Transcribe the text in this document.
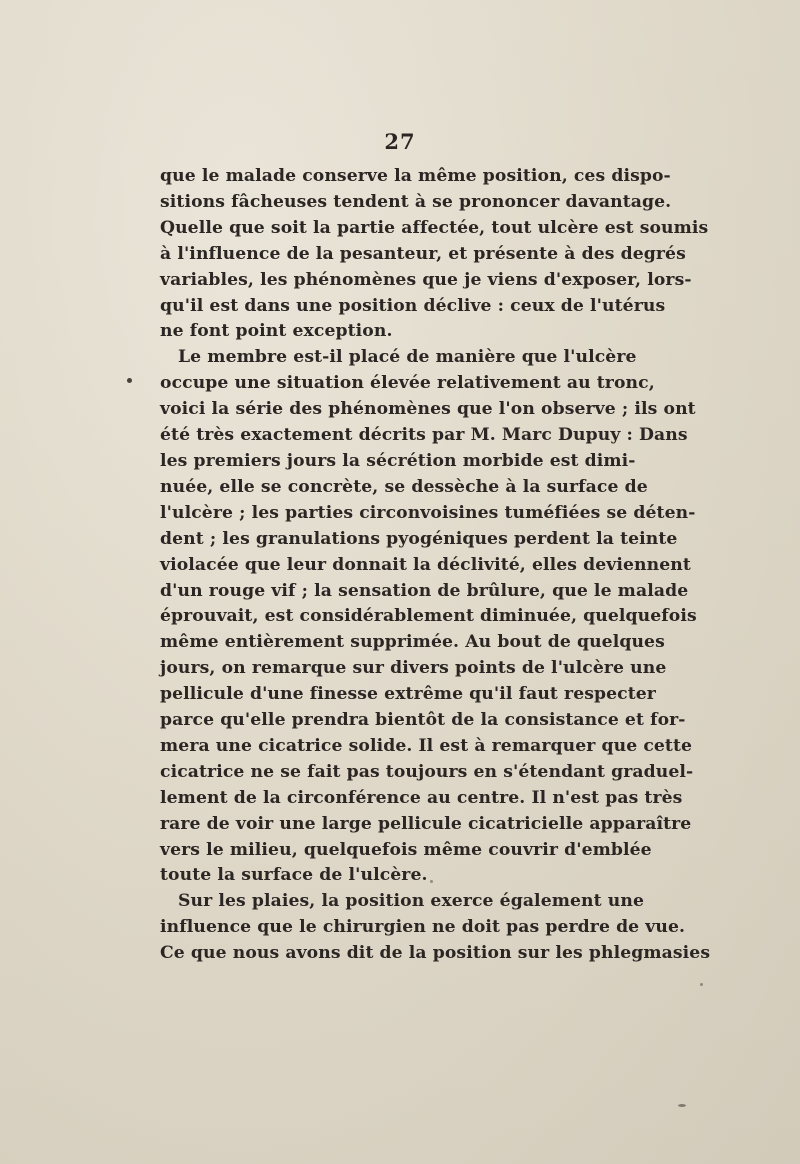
27
que le malade conserve la même position, ces dispo-
sitions fâcheuses tendent à se prononcer davantage.
Quelle que soit la partie affectée, tout ulcère est soumis
à l'influence de la pesanteur, et présente à des degrés
variables, les phénomènes que je viens d'exposer, lors-
qu'il est dans une position déclive : ceux de l'utérus
ne font point exception.
Le membre est-il placé de manière que l'ulcère
occupe une situation élevée relativement au tronc,
voici la série des phénomènes que l'on observe ; ils ont
été très exactement décrits par M. Marc Dupuy : Dans
les premiers jours la sécrétion morbide est dimi-
nuée, elle se concrète, se dessèche à la surface de
l'ulcère ; les parties circonvoisines tuméfiées se déten-
dent ; les granulations pyogéniques perdent la teinte
violacée que leur donnait la déclivité, elles deviennent
d'un rouge vif ; la sensation de brûlure, que le malade
éprouvait, est considérablement diminuée, quelquefois
même entièrement supprimée. Au bout de quelques
jours, on remarque sur divers points de l'ulcère une
pellicule d'une finesse extrême qu'il faut respecter
parce qu'elle prendra bientôt de la consistance et for-
mera une cicatrice solide. Il est à remarquer que cette
cicatrice ne se fait pas toujours en s'étendant graduel-
lement de la circonférence au centre. Il n'est pas très
rare de voir une large pellicule cicatricielle apparaître
vers le milieu, quelquefois même couvrir d'emblée
toute la surface de l'ulcère.
Sur les plaies, la position exerce également une
influence que le chirurgien ne doit pas perdre de vue.
Ce que nous avons dit de la position sur les phlegmasies
